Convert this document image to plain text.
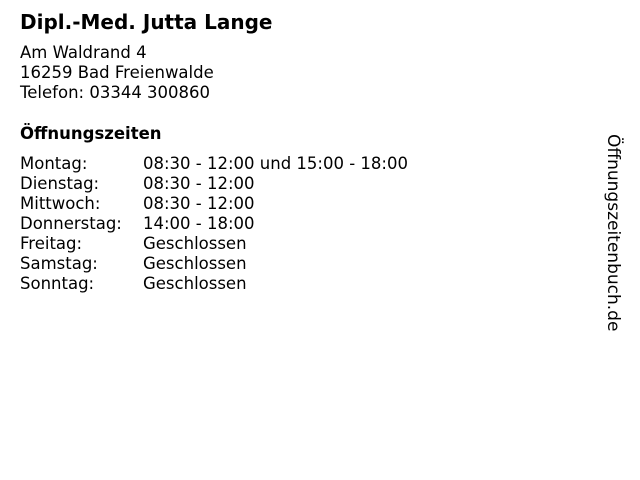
Dipl.-Med. Jutta Lange
Am Waldrand 4
16259 Bad Freienwalde
Telefon: 03344 300860
Öffnungszeiten
Montag:	08:30 - 12:00 und 15:00 - 18:00
Dienstag:	08:30 - 12:00
Mittwoch:	08:30 - 12:00
Donnerstag: 14:00 - 18:00
Freitag:	Geschlossen
Samstag:	Geschlossen
Sonntag:	Geschlossen	Öffnungszeitenbuch.de
